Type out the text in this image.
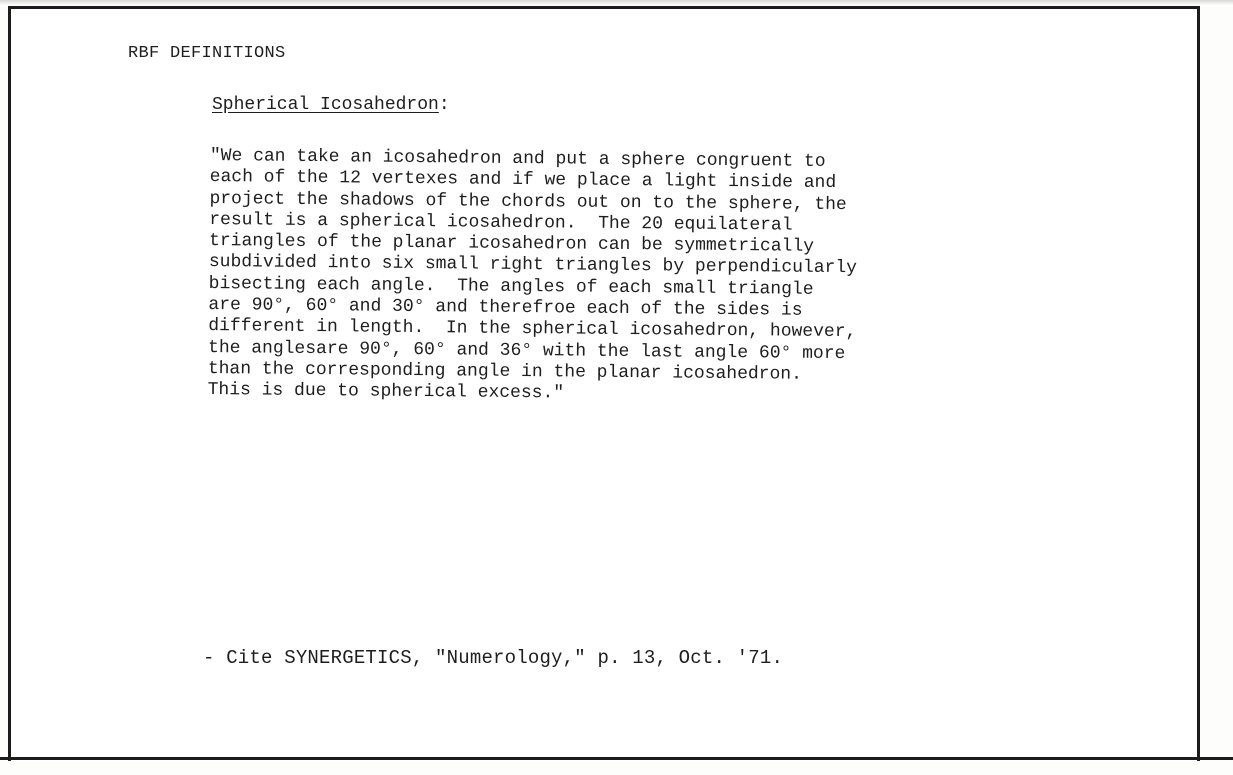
RBF DEFINITIONS
Spherical Icosahedron:
"We can take an icosahedron and put a sphere congruent to
each of the 12 vertexes and if we place a light inside and
project the shadows of the chords out on to the sphere, the
result is a spherical icosahedron.  The 20 equilateral
triangles of the planar icosahedron can be symmetrically
subdivided into six small right triangles by perpendicularly
bisecting each angle.  The angles of each small triangle
are 90°, 60° and 30° and therefroe each of the sides is
different in length.  In the spherical icosahedron, however,
the anglesare 90°, 60° and 36° with the last angle 60° more
than the corresponding angle in the planar icosahedron.
This is due to spherical excess."
- Cite SYNERGETICS, "Numerology," p. 13, Oct. '71.
